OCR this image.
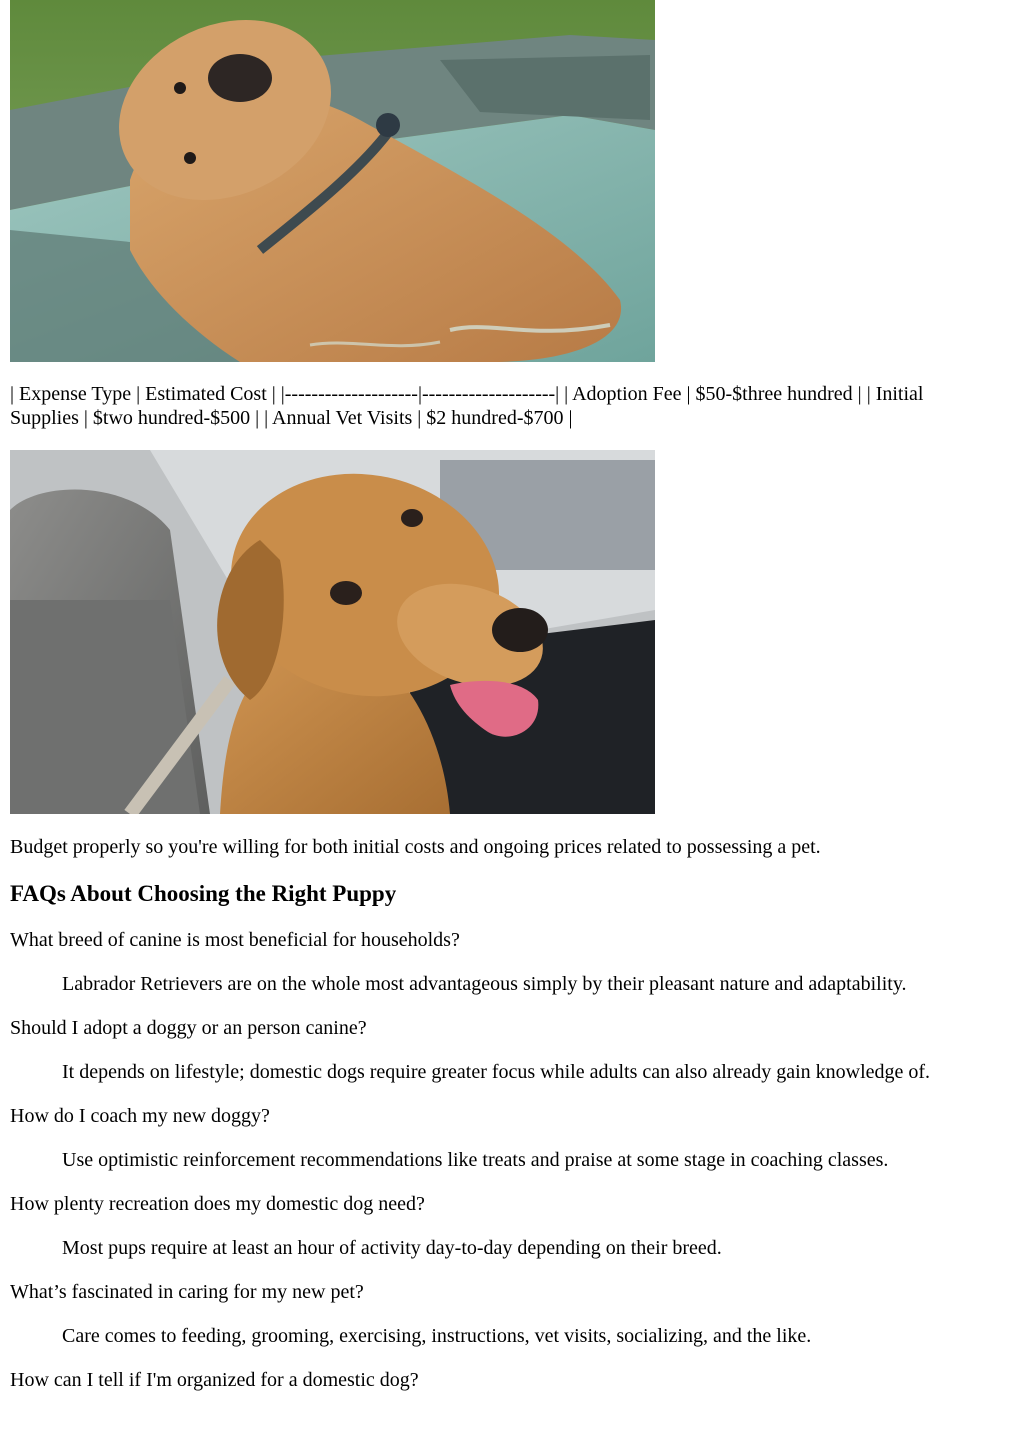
| Expense Type | Estimated Cost | |--------------------|--------------------| | Adoption Fee | $50-$three hundred | | Initial Supplies | $two hundred-$500 | | Annual Vet Visits | $2 hundred-$700 |

Budget properly so you're willing for both initial costs and ongoing prices related to possessing a pet.

FAQs About Choosing the Right Puppy

What breed of canine is most beneficial for households?

Labrador Retrievers are on the whole most advantageous simply by their pleasant nature and adaptability.

Should I adopt a doggy or an person canine?

It depends on lifestyle; domestic dogs require greater focus while adults can also already gain knowledge of.

How do I coach my new doggy?

Use optimistic reinforcement recommendations like treats and praise at some stage in coaching classes.

How plenty recreation does my domestic dog need?

Most pups require at least an hour of activity day-to-day depending on their breed.

What’s fascinated in caring for my new pet?

Care comes to feeding, grooming, exercising, instructions, vet visits, socializing, and the like.

How can I tell if I'm organized for a domestic dog?
